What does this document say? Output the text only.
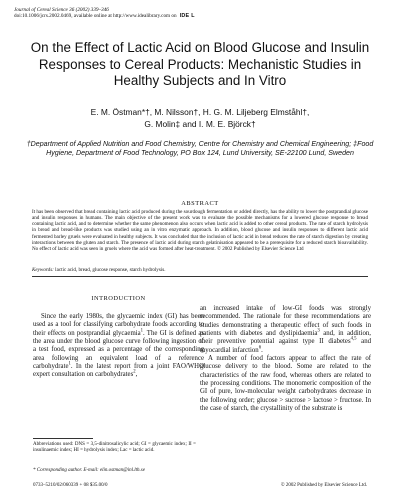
Journal of Cereal Science 36 (2002) 339–346
doi:10.1006/jcrs.2002.0469, available online at http://www.idealibrary.com on IDE L
On the Effect of Lactic Acid on Blood Glucose and Insulin Responses to Cereal Products: Mechanistic Studies in Healthy Subjects and In Vitro
E. M. Östman*†, M. Nilsson†, H. G. M. Liljeberg Elmståhl†,
G. Molin‡ and I. M. E. Björck†
†Department of Applied Nutrition and Food Chemistry, Centre for Chemistry and Chemical Engineering; ‡Food Hygiene, Department of Food Technology, PO Box 124, Lund University, SE-22100 Lund, Sweden
ABSTRACT
It has been observed that bread containing lactic acid produced during the sourdough fermentation or added directly, has the ability to lower the postprandial glucose and insulin responses in humans. The main objective of the present work was to evaluate the possible mechanisms for a lowered glucose response to bread containing lactic acid, and to determine whether the same phenomenon also occurs when lactic acid is added to other cereal products. The rate of starch hydrolysis in bread and bread-like products was studied using an in vitro enzymatic approach. In addition, blood glucose and insulin responses to different lactic acid fermented barley gruels were evaluated in healthy subjects. It was concluded that the inclusion of lactic acid in bread reduces the rate of starch digestion by creating interactions between the gluten and starch. The presence of lactic acid during starch gelatinisation appeared to be a prerequisite for a reduced starch bioavailability. No effect of lactic acid was seen in gruels where the acid was formed after heat-treatment. © 2002 Published by Elsevier Science Ltd
Keywords: lactic acid, bread, glucose response, starch hydrolysis.
INTRODUCTION

Since the early 1980s, the glycaemic index (GI) has been used as a tool for classifying carbohydrate foods according to their effects on postprandial glycaemia$^1$. The GI is defined as the area under the blood glucose curve following ingestion of a test food, expressed as a percentage of the corresponding area following an equivalent load of a reference carbohydrate$^1$. In the latest report from a joint FAO/WHO expert consultation on carbohydrates$^2$,

an increased intake of low-GI foods was strongly recommended. The rationale for these recommendations are studies demonstrating a therapeutic effect of such foods in patients with diabetes and dyslipidaemia$^3$ and, in addition, their preventive potential against type II diabetes$^{4,5}$ and myocardial infarction$^6$.

A number of food factors appear to affect the rate of glucose delivery to the blood. Some are related to the characteristics of the raw food, whereas others are related to the processing conditions. The monomeric composition of the GI of pure, low-molecular weight carbohydrates decrease in the following order; glucose > sucrose > lactose > fructose. In the case of starch, the crystallinity of the substrate is

Abbreviations used: DNS = 3,5-dinitrosalicylic acid; GI = glycaemic index; II = insulinaemic index; HI = hydrolysis index; Lac = lactic acid.
* Corresponding author. E-mail: elin.ostman@inl.lth.se
0733–5210/02/060339 + 08 $35.00/0	© 2002 Published by Elsevier Science Ltd.
